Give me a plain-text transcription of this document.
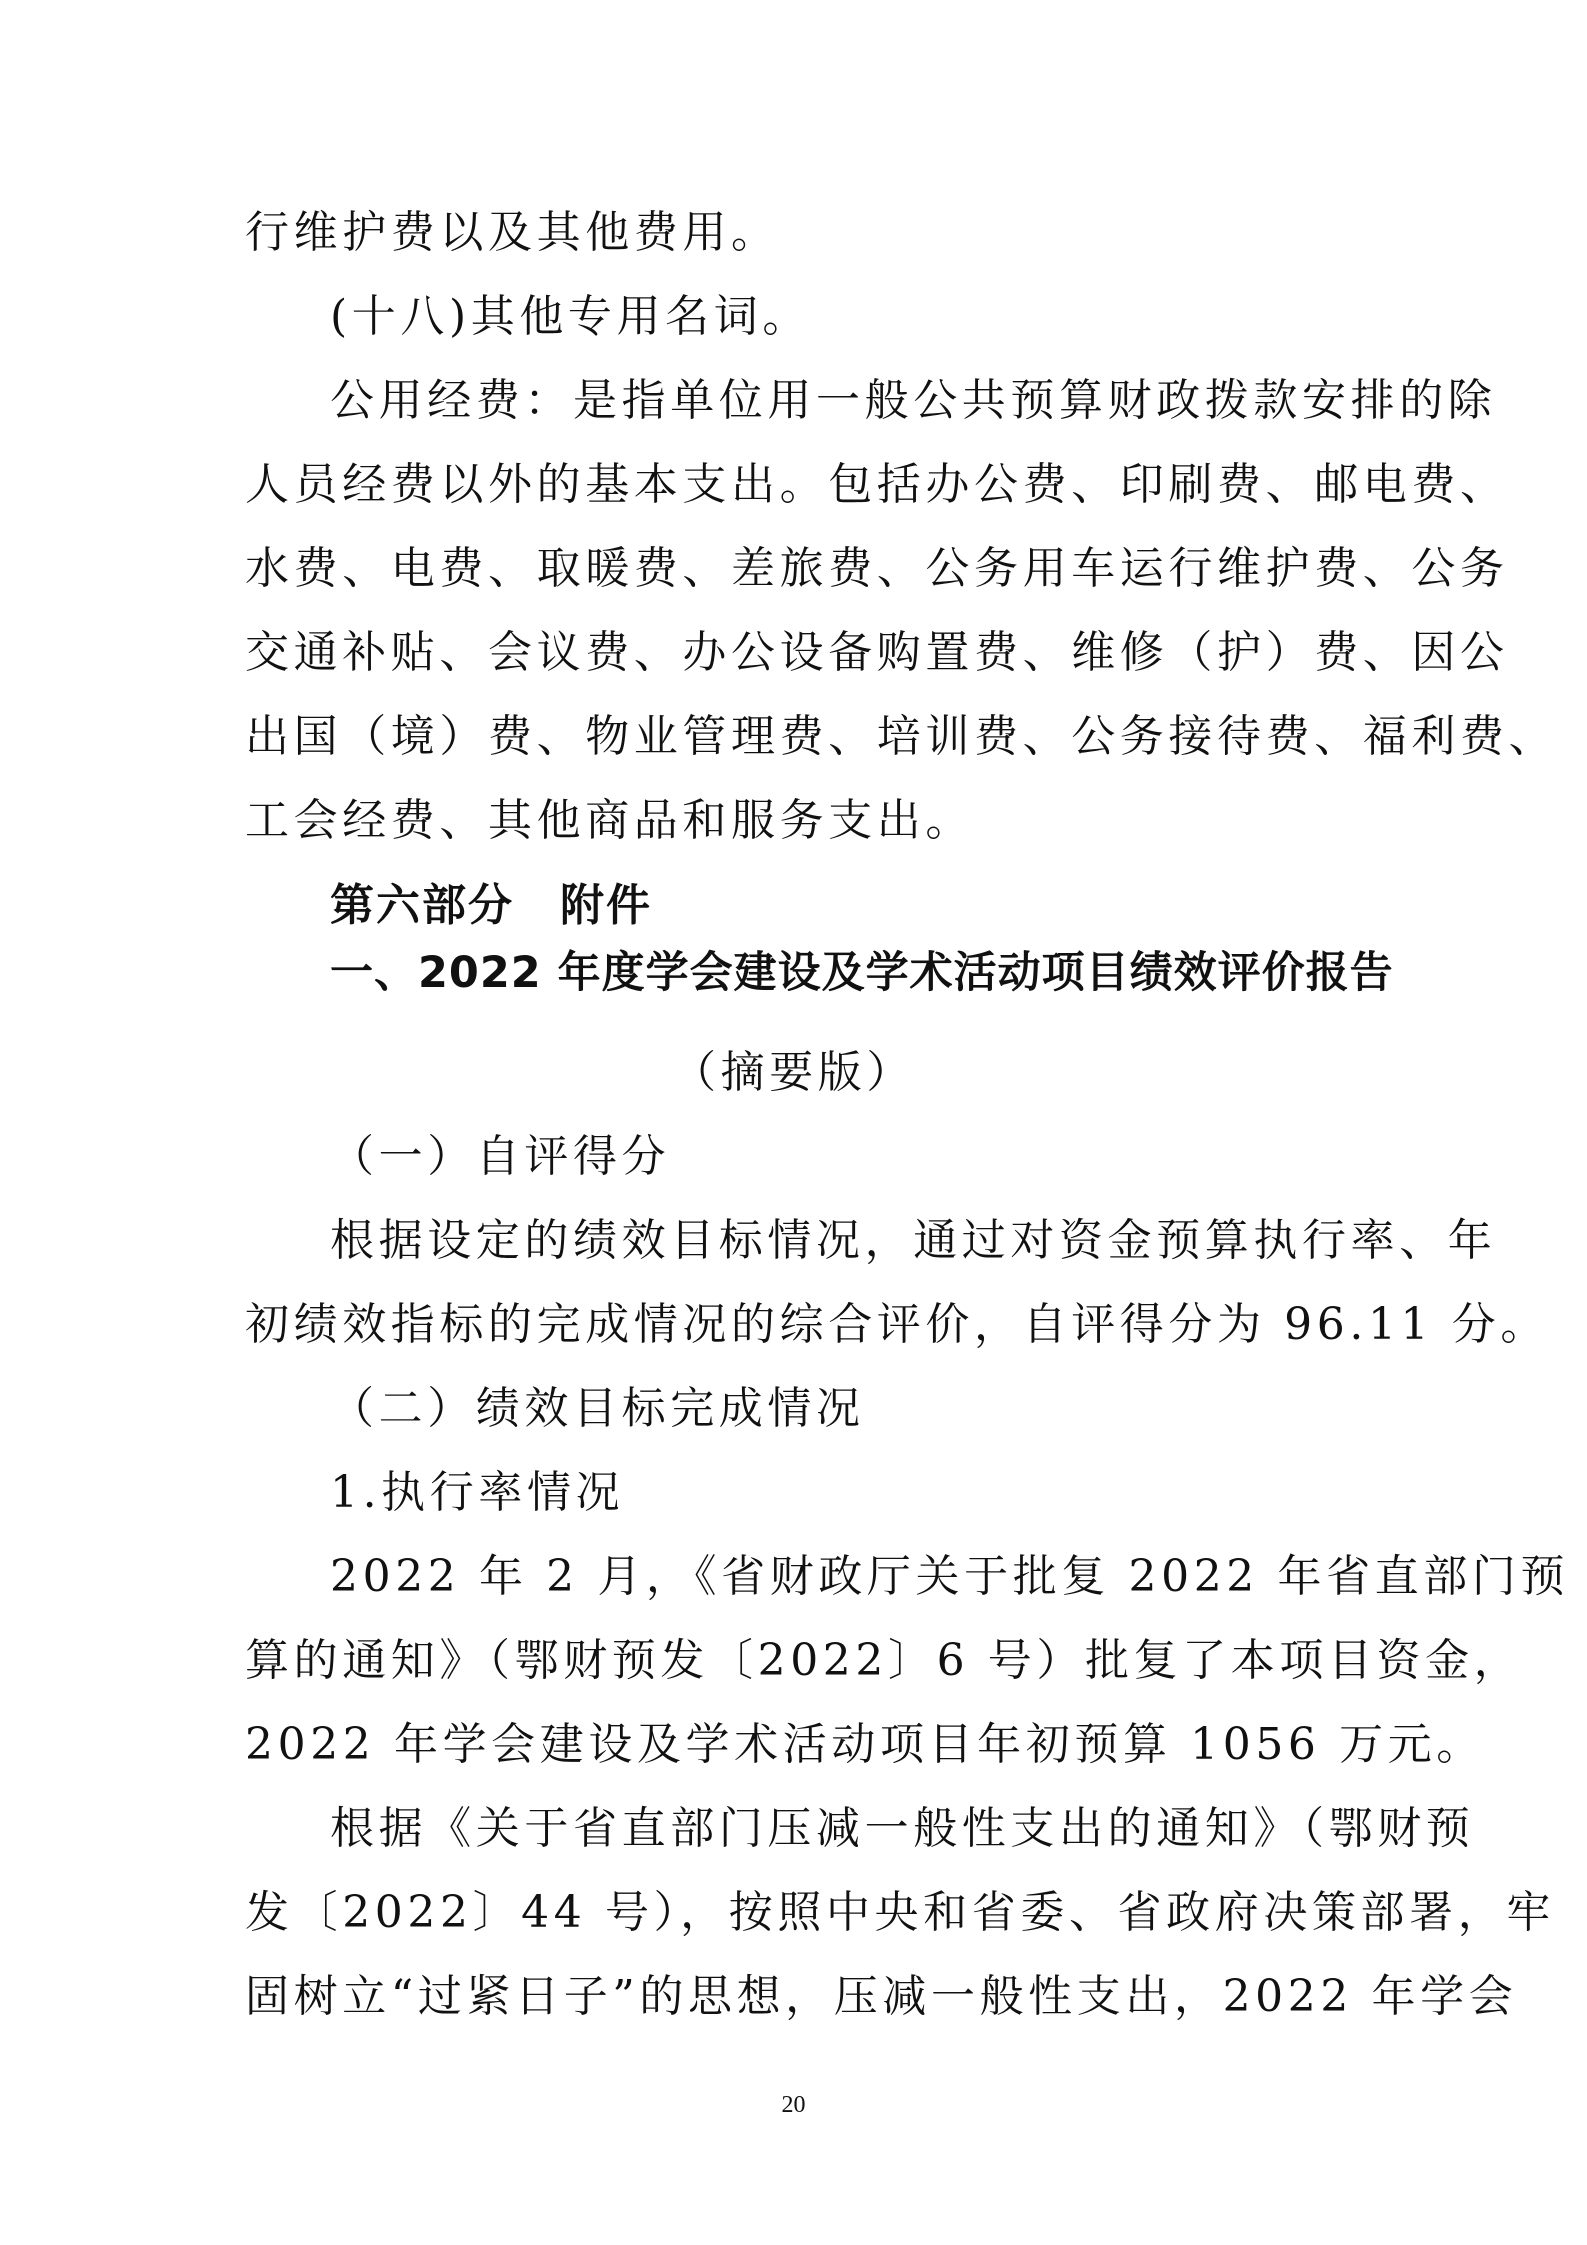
行维护费以及其他费用。
(十八)其他专用名词。
公用经费：是指单位用一般公共预算财政拨款安排的除
人员经费以外的基本支出。包括办公费、印刷费、邮电费、
水费、电费、取暖费、差旅费、公务用车运行维护费、公务
交通补贴、会议费、办公设备购置费、维修（护）费、因公
出国（境）费、物业管理费、培训费、公务接待费、福利费、
工会经费、其他商品和服务支出。
第六部分　附件
一、2022 年度学会建设及学术活动项目绩效评价报告
（摘要版）
（一）自评得分
根据设定的绩效目标情况，通过对资金预算执行率、年
初绩效指标的完成情况的综合评价，自评得分为 96.11 分。
（二）绩效目标完成情况
1.执行率情况
2022 年 2 月，《省财政厅关于批复 2022 年省直部门预
算的通知》（鄂财预发〔2022〕6 号）批复了本项目资金，
2022 年学会建设及学术活动项目年初预算 1056 万元。
根据《关于省直部门压减一般性支出的通知》（鄂财预
发〔2022〕44 号），按照中央和省委、省政府决策部署，牢
固树立“过紧日子”的思想，压减一般性支出，2022 年学会
20
